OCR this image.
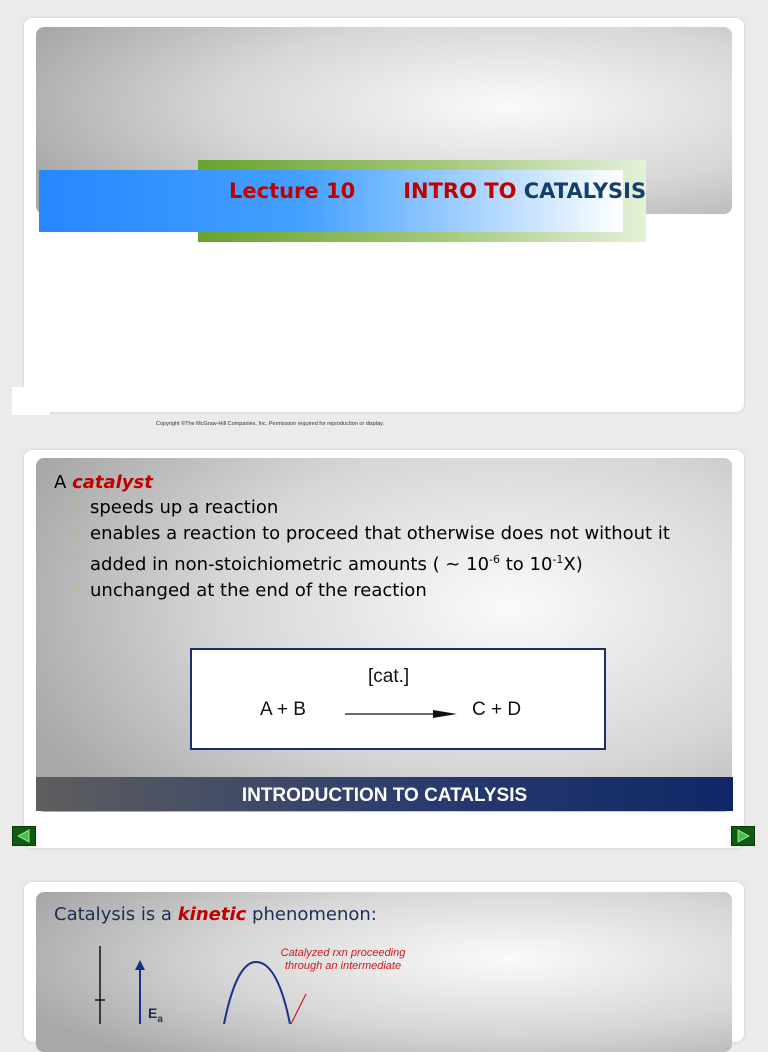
Lecture 10 INTRO TO CATALYSIS
Copyright ©The McGraw-Hill Companies, Inc. Permission required for reproduction or display.
A catalyst
◦ speeds up a reaction
◦ enables a reaction to proceed that otherwise does not without it
◦ added in non-stoichiometric amounts ( ~ $10^{-6}$ to $10^{-1}X$)
◦ unchanged at the end of the reaction
[cat.]
A + B	C + D
INTRODUCTION TO CATALYSIS
Catalysis is a kinetic phenomenon:
$E_a$
Catalyzed rxn proceeding through an intermediate
